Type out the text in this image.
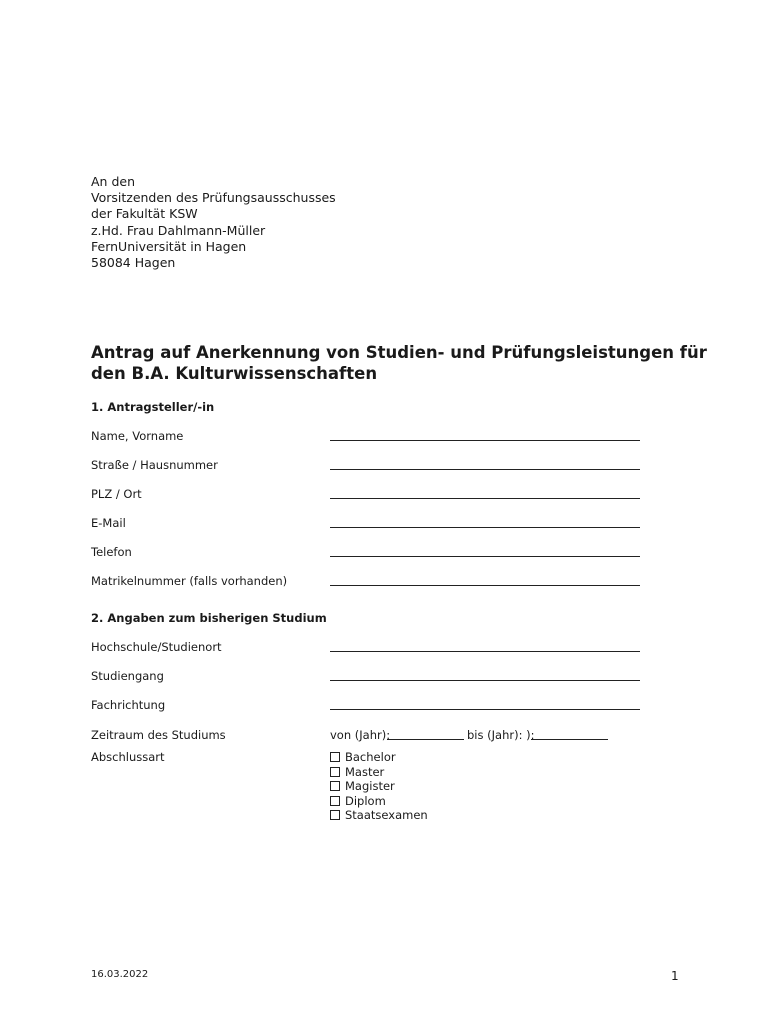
An den
Vorsitzenden des Prüfungsausschusses
der Fakultät KSW
z.Hd. Frau Dahlmann-Müller
FernUniversität in Hagen
58084 Hagen
Antrag auf Anerkennung von Studien- und Prüfungsleistungen für den B.A. Kulturwissenschaften
1. Antragsteller/-in
Name, Vorname
Straße / Hausnummer
PLZ / Ort
E-Mail
Telefon
Matrikelnummer (falls vorhanden)
2. Angaben zum bisherigen Studium
Hochschule/Studienort
Studiengang
Fachrichtung
Zeitraum des Studiums	von (Jahr):	bis (Jahr): ):
Abschlussart	Bachelor
Master
Magister
Diplom
Staatsexamen
16.03.2022	1
